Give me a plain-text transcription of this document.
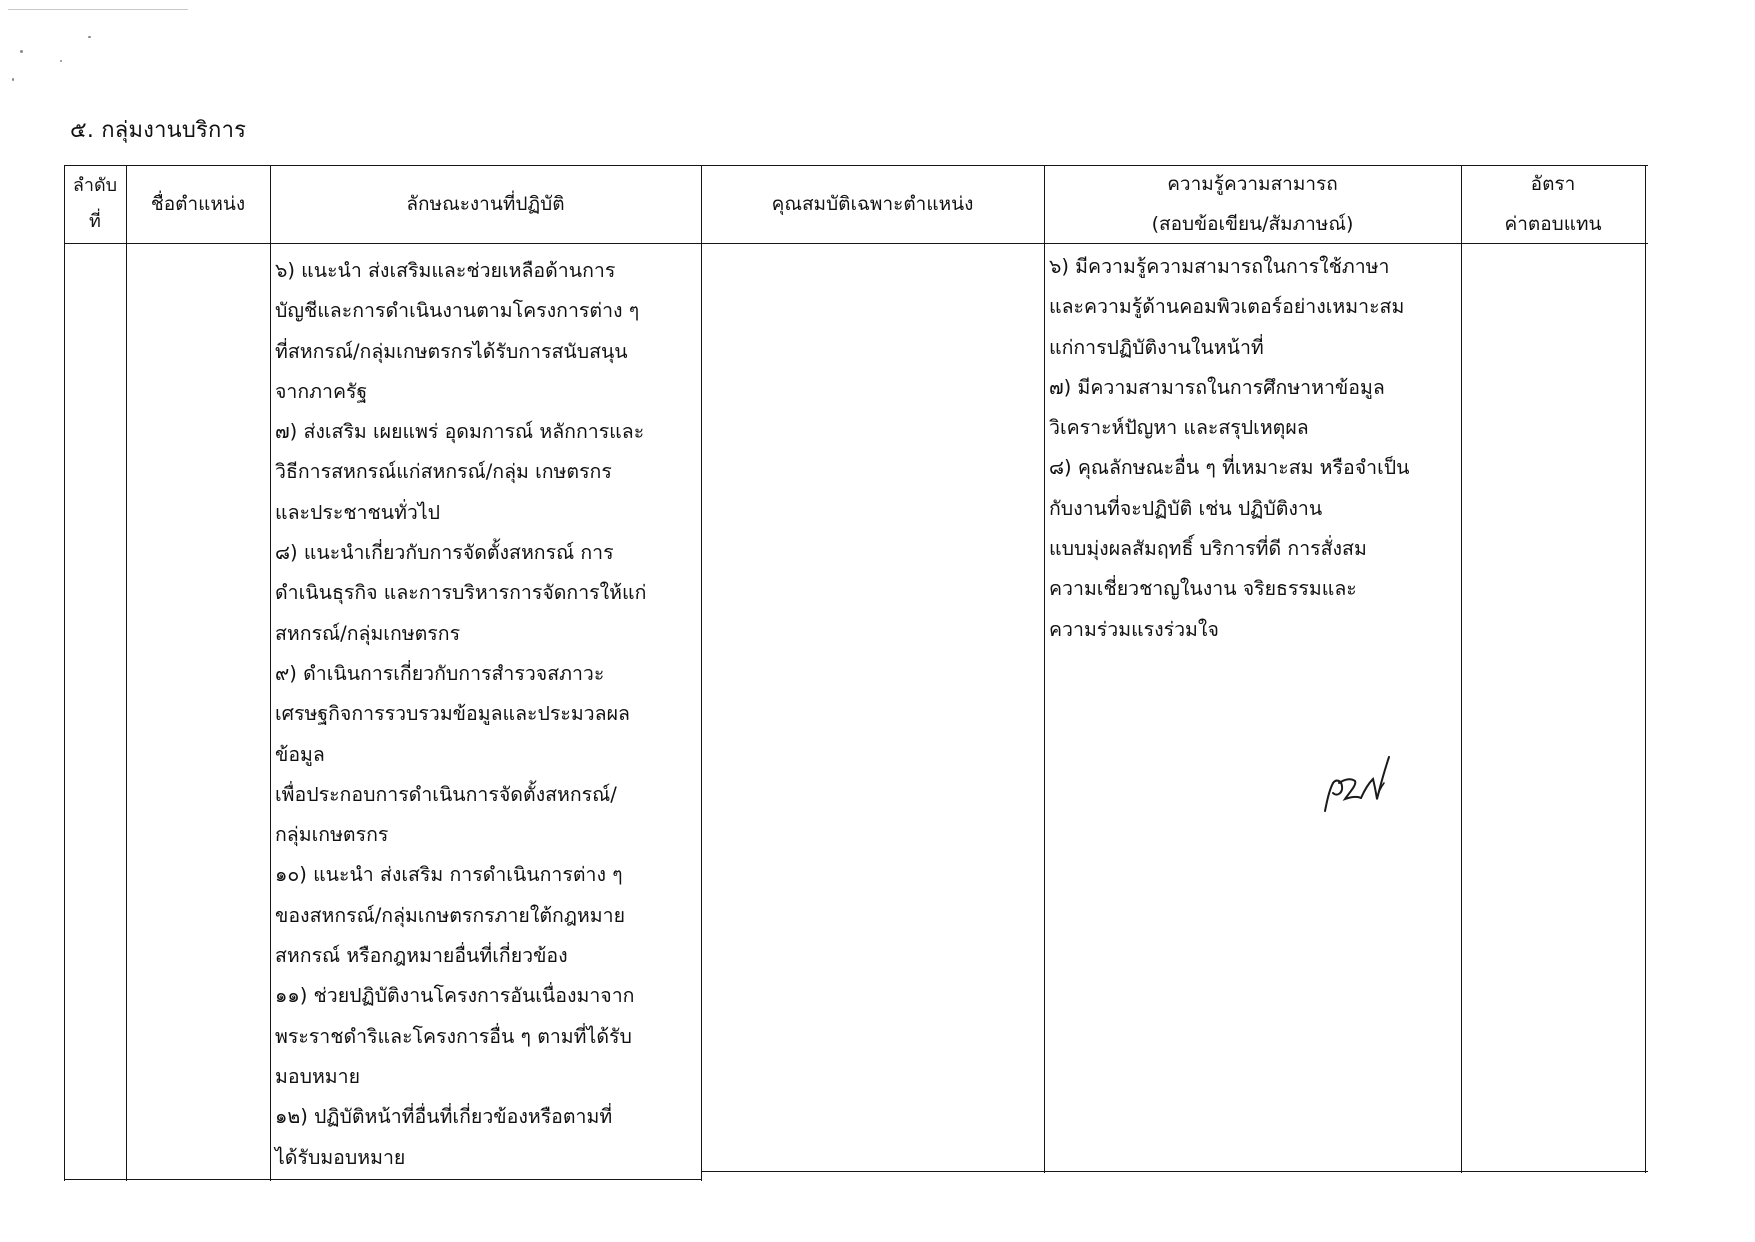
๕. กลุ่มงานบริการ
ลำดับ
ที่
ชื่อตำแหน่ง	ลักษณะงานที่ปฏิบัติ	คุณสมบัติเฉพาะตำแหน่ง
ความรู้ความสามารถ
(สอบข้อเขียน/สัมภาษณ์)
อัตรา
ค่าตอบแทน
๖) แนะนำ ส่งเสริมและช่วยเหลือด้านการ
บัญชีและการดำเนินงานตามโครงการต่าง ๆ
ที่สหกรณ์/กลุ่มเกษตรกรได้รับการสนับสนุน
จากภาครัฐ
๗) ส่งเสริม เผยแพร่ อุดมการณ์ หลักการและ
วิธีการสหกรณ์แก่สหกรณ์/กลุ่ม เกษตรกร
และประชาชนทั่วไป
๘) แนะนำเกี่ยวกับการจัดตั้งสหกรณ์ การ
ดำเนินธุรกิจ และการบริหารการจัดการให้แก่
สหกรณ์/กลุ่มเกษตรกร
๙) ดำเนินการเกี่ยวกับการสำรวจสภาวะ
เศรษฐกิจการรวบรวมข้อมูลและประมวลผล
ข้อมูล
เพื่อประกอบการดำเนินการจัดตั้งสหกรณ์/
กลุ่มเกษตรกร
๑๐) แนะนำ ส่งเสริม การดำเนินการต่าง ๆ
ของสหกรณ์/กลุ่มเกษตรกรภายใต้กฎหมาย
สหกรณ์ หรือกฎหมายอื่นที่เกี่ยวข้อง
๑๑) ช่วยปฏิบัติงานโครงการอันเนื่องมาจาก
พระราชดำริและโครงการอื่น ๆ ตามที่ได้รับ
มอบหมาย
๑๒) ปฏิบัติหน้าที่อื่นที่เกี่ยวข้องหรือตามที่
ได้รับมอบหมาย
๖) มีความรู้ความสามารถในการใช้ภาษา
และความรู้ด้านคอมพิวเตอร์อย่างเหมาะสม
แก่การปฏิบัติงานในหน้าที่
๗) มีความสามารถในการศึกษาหาข้อมูล
วิเคราะห์ปัญหา และสรุปเหตุผล
๘) คุณลักษณะอื่น ๆ ที่เหมาะสม หรือจำเป็น
กับงานที่จะปฏิบัติ เช่น ปฏิบัติงาน
แบบมุ่งผลสัมฤทธิ์ บริการที่ดี การสั่งสม
ความเชี่ยวชาญในงาน จริยธรรมและ
ความร่วมแรงร่วมใจ
